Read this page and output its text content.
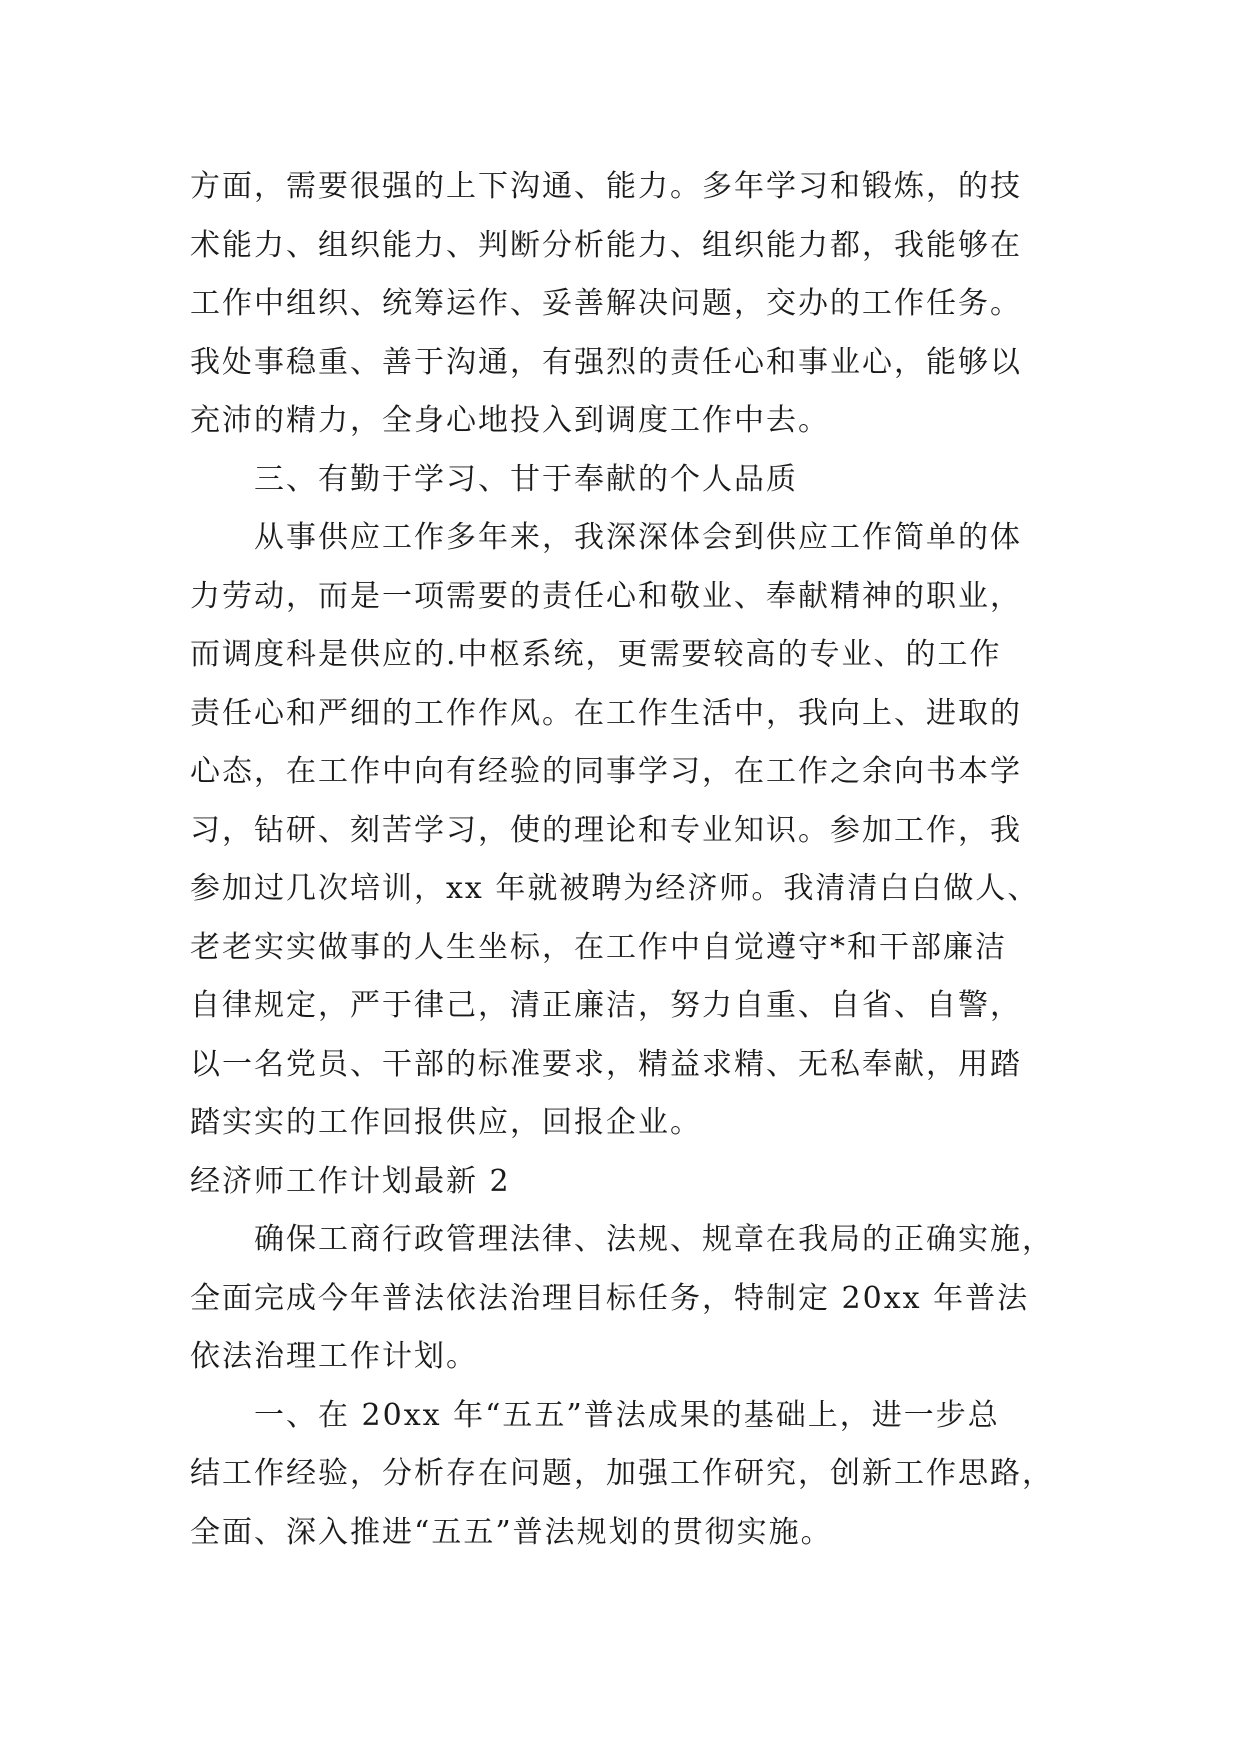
方面，需要很强的上下沟通、能力。多年学习和锻炼，的技
术能力、组织能力、判断分析能力、组织能力都，我能够在
工作中组织、统筹运作、妥善解决问题，交办的工作任务。
我处事稳重、善于沟通，有强烈的责任心和事业心，能够以
充沛的精力，全身心地投入到调度工作中去。
三、有勤于学习、甘于奉献的个人品质
从事供应工作多年来，我深深体会到供应工作简单的体
力劳动，而是一项需要的责任心和敬业、奉献精神的职业，
而调度科是供应的.中枢系统，更需要较高的专业、的工作
责任心和严细的工作作风。在工作生活中，我向上、进取的
心态，在工作中向有经验的同事学习，在工作之余向书本学
习，钻研、刻苦学习，使的理论和专业知识。参加工作，我
参加过几次培训，xx 年就被聘为经济师。我清清白白做人、
老老实实做事的人生坐标，在工作中自觉遵守*和干部廉洁
自律规定，严于律己，清正廉洁，努力自重、自省、自警，
以一名党员、干部的标准要求，精益求精、无私奉献，用踏
踏实实的工作回报供应，回报企业。
经济师工作计划最新 2
确保工商行政管理法律、法规、规章在我局的正确实施，
全面完成今年普法依法治理目标任务，特制定 20xx 年普法
依法治理工作计划。
一、在 20xx 年“五五”普法成果的基础上，进一步总
结工作经验，分析存在问题，加强工作研究，创新工作思路，
全面、深入推进“五五”普法规划的贯彻实施。
